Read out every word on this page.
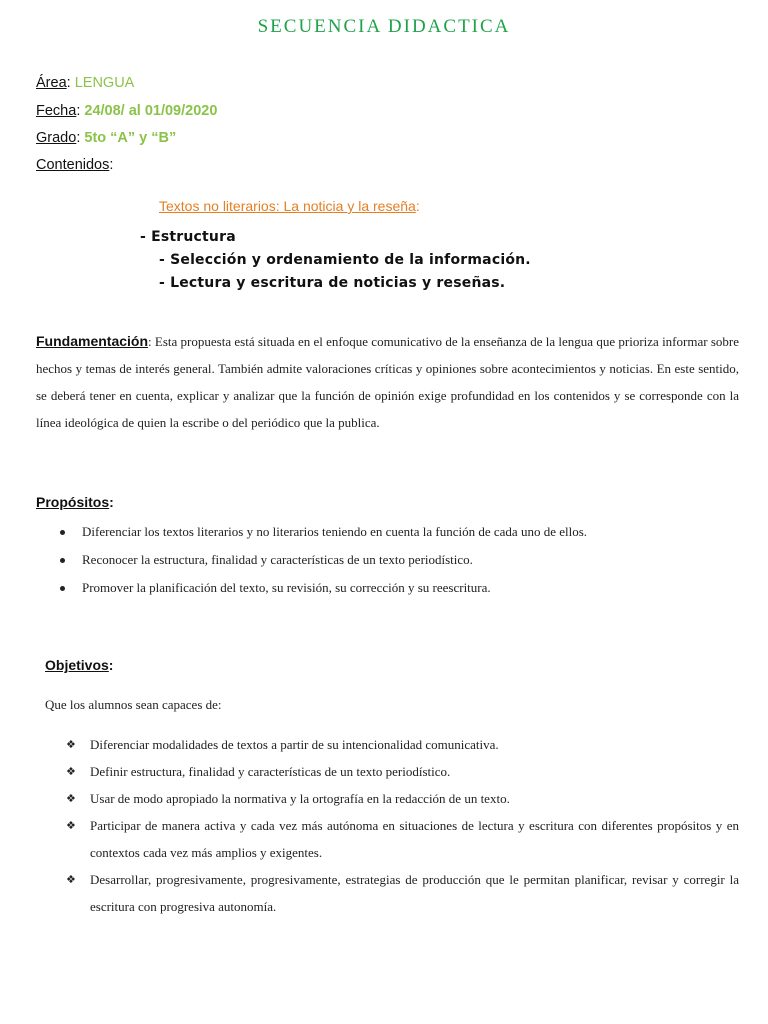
SECUENCIA DIDACTICA
Área: LENGUA
Fecha: 24/08/ al 01/09/2020
Grado: 5to “A” y “B”
Contenidos:
Textos no literarios: La noticia y la reseña:
- Estructura
- Selección y ordenamiento de la información.
- Lectura y escritura de noticias y reseñas.

Fundamentación: Esta propuesta está situada en el enfoque comunicativo de la enseñanza de la lengua que prioriza informar sobre hechos y temas de interés general. También admite valoraciones críticas y opiniones sobre acontecimientos y noticias. En este sentido, se deberá tener en cuenta, explicar y analizar que la función de opinión exige profundidad en los contenidos y se corresponde con la línea ideológica de quien la escribe o del periódico que la publica.

Propósitos:
Diferenciar los textos literarios y no literarios teniendo en cuenta la función de cada uno de ellos.
Reconocer la estructura, finalidad y características de un texto periodístico.
Promover la planificación del texto, su revisión, su corrección y su reescritura.
Objetivos:
Que los alumnos sean capaces de:
❖ Diferenciar modalidades de textos a partir de su intencionalidad comunicativa.
❖ Definir estructura, finalidad y características de un texto periodístico.
❖ Usar de modo apropiado la normativa y la ortografía en la redacción de un texto.
❖ Participar de manera activa y cada vez más autónoma en situaciones de lectura y escritura con diferentes propósitos y en contextos cada vez más amplios y exigentes.
❖ Desarrollar, progresivamente, progresivamente, estrategias de producción que le permitan planificar, revisar y corregir la escritura con progresiva autonomía.
